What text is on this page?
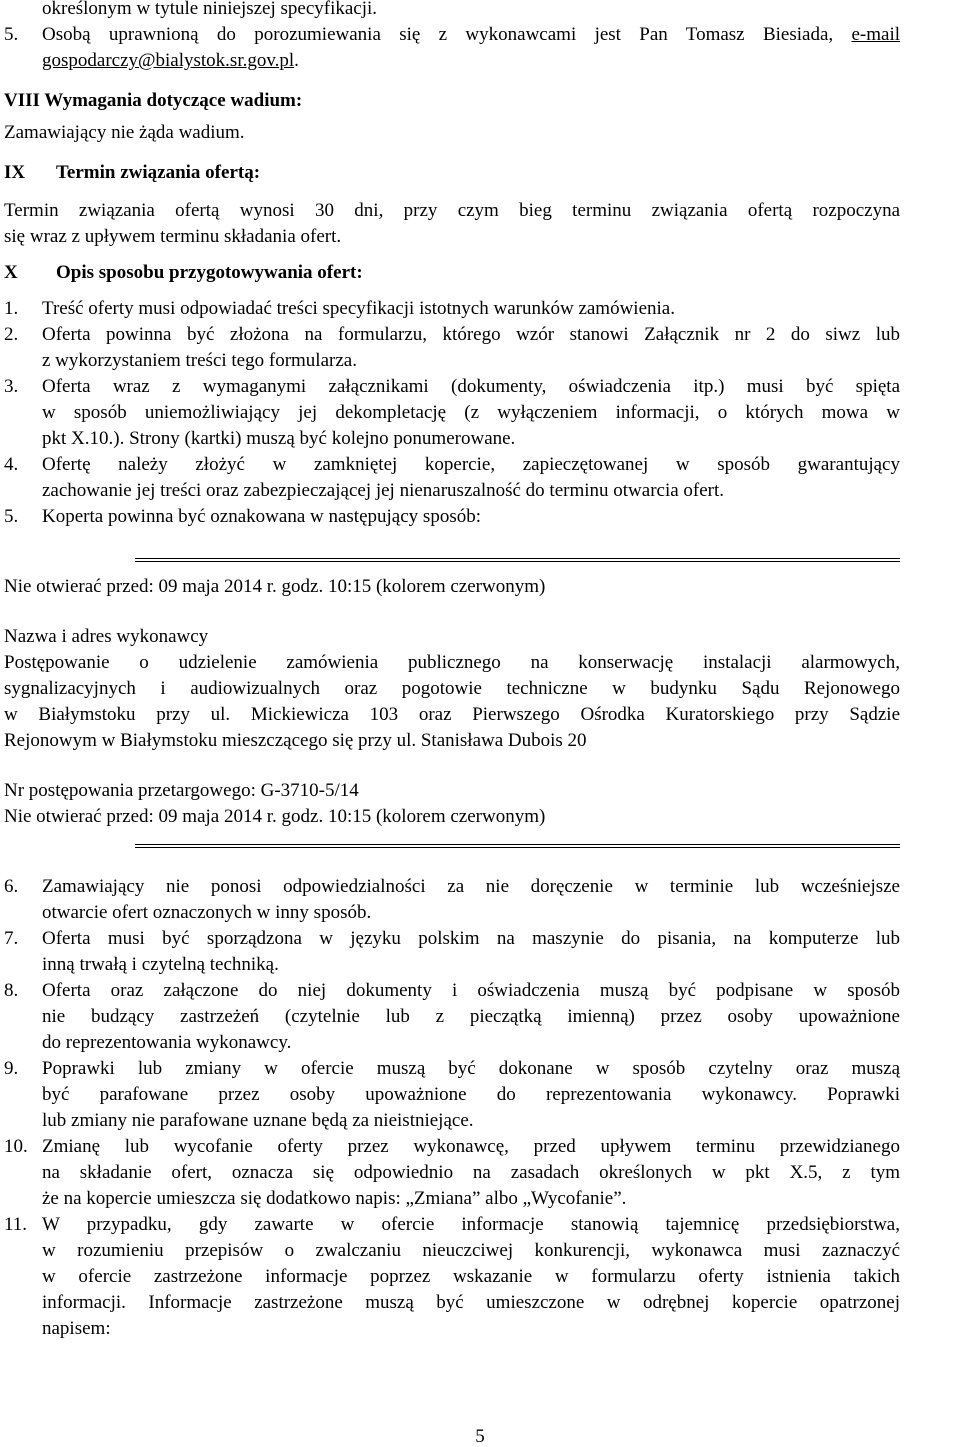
określonym w tytule niniejszej specyfikacji.
5.	Osobą uprawnioną do porozumiewania się z wykonawcami jest Pan Tomasz Biesiada, e-mail
gospodarczy@bialystok.sr.gov.pl.
VIII Wymagania dotyczące wadium:
Zamawiający nie żąda wadium.
IX Termin związania ofertą:
Termin związania ofertą wynosi 30 dni, przy czym bieg terminu związania ofertą rozpoczyna
się wraz z upływem terminu składania ofert.
X Opis sposobu przygotowywania ofert:
1.	Treść oferty musi odpowiadać treści specyfikacji istotnych warunków zamówienia.
2.	Oferta powinna być złożona na formularzu, którego wzór stanowi Załącznik nr 2 do siwz lub
z wykorzystaniem treści tego formularza.
3.	Oferta wraz z wymaganymi załącznikami (dokumenty, oświadczenia itp.) musi być spięta
w sposób uniemożliwiający jej dekompletację (z wyłączeniem informacji, o których mowa w
pkt X.10.). Strony (kartki) muszą być kolejno ponumerowane.
4.	Ofertę należy złożyć w zamkniętej kopercie, zapieczętowanej w sposób gwarantujący
zachowanie jej treści oraz zabezpieczającej jej nienaruszalność do terminu otwarcia ofert.
5.	Koperta powinna być oznakowana w następujący sposób:
Nie otwierać przed: 09 maja 2014 r. godz. 10:15 (kolorem czerwonym)
Nazwa i adres wykonawcy
Postępowanie o udzielenie zamówienia publicznego na konserwację instalacji alarmowych,
sygnalizacyjnych i audiowizualnych oraz pogotowie techniczne w budynku Sądu Rejonowego
w Białymstoku przy ul. Mickiewicza 103 oraz Pierwszego Ośrodka Kuratorskiego przy Sądzie
Rejonowym w Białymstoku mieszczącego się przy ul. Stanisława Dubois 20
Nr postępowania przetargowego: G-3710-5/14
Nie otwierać przed: 09 maja 2014 r. godz. 10:15 (kolorem czerwonym)
6.	Zamawiający nie ponosi odpowiedzialności za nie doręczenie w terminie lub wcześniejsze
otwarcie ofert oznaczonych w inny sposób.
7.	Oferta musi być sporządzona w języku polskim na maszynie do pisania, na komputerze lub
inną trwałą i czytelną techniką.
8.	Oferta oraz załączone do niej dokumenty i oświadczenia muszą być podpisane w sposób
nie budzący zastrzeżeń (czytelnie lub z pieczątką imienną) przez osoby upoważnione
do reprezentowania wykonawcy.
9.	Poprawki lub zmiany w ofercie muszą być dokonane w sposób czytelny oraz muszą
być parafowane przez osoby upoważnione do reprezentowania wykonawcy. Poprawki
lub zmiany nie parafowane uznane będą za nieistniejące.
10. Zmianę lub wycofanie oferty przez wykonawcę, przed upływem terminu przewidzianego
na składanie ofert, oznacza się odpowiednio na zasadach określonych w pkt X.5, z tym
że na kopercie umieszcza się dodatkowo napis: „Zmiana” albo „Wycofanie”.
11. W przypadku, gdy zawarte w ofercie informacje stanowią tajemnicę przedsiębiorstwa,
w rozumieniu przepisów o zwalczaniu nieuczciwej konkurencji, wykonawca musi zaznaczyć
w ofercie zastrzeżone informacje poprzez wskazanie w formularzu oferty istnienia takich
informacji. Informacje zastrzeżone muszą być umieszczone w odrębnej kopercie opatrzonej
napisem:
5
